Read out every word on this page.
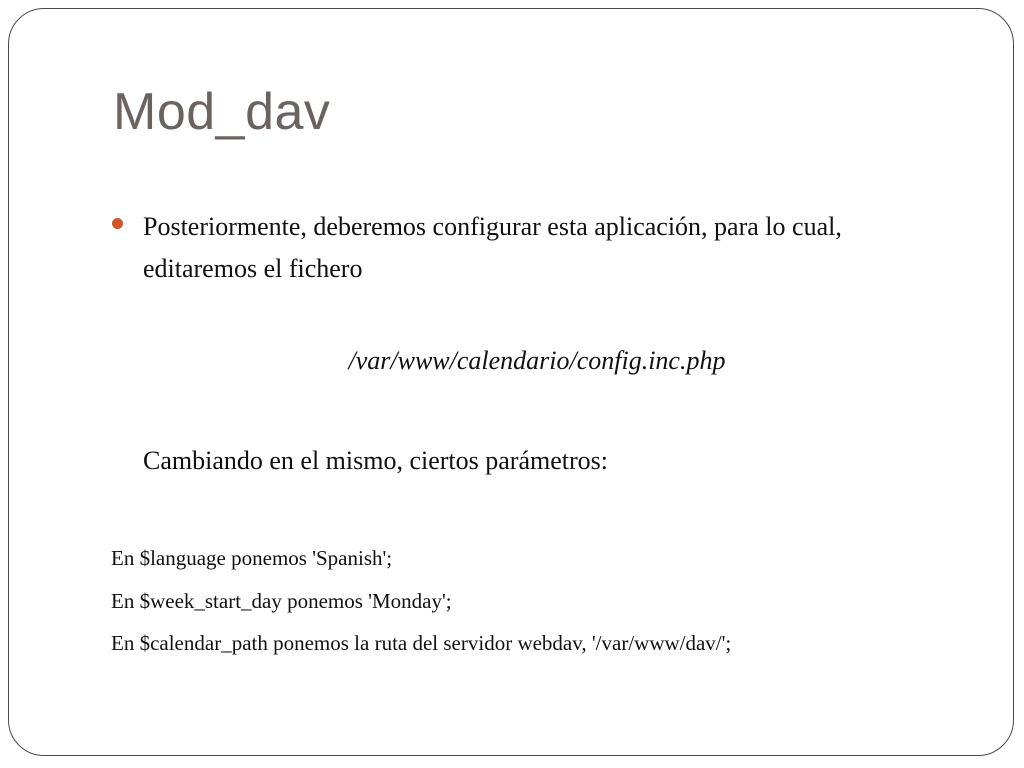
Mod_dav
Posteriormente, deberemos configurar esta aplicación, para lo cual, editaremos el fichero
/var/www/calendario/config.inc.php
Cambiando en el mismo, ciertos parámetros:
En $language ponemos 'Spanish';
En $week_start_day ponemos 'Monday';
En $calendar_path ponemos la ruta del servidor webdav, '/var/www/dav/';
